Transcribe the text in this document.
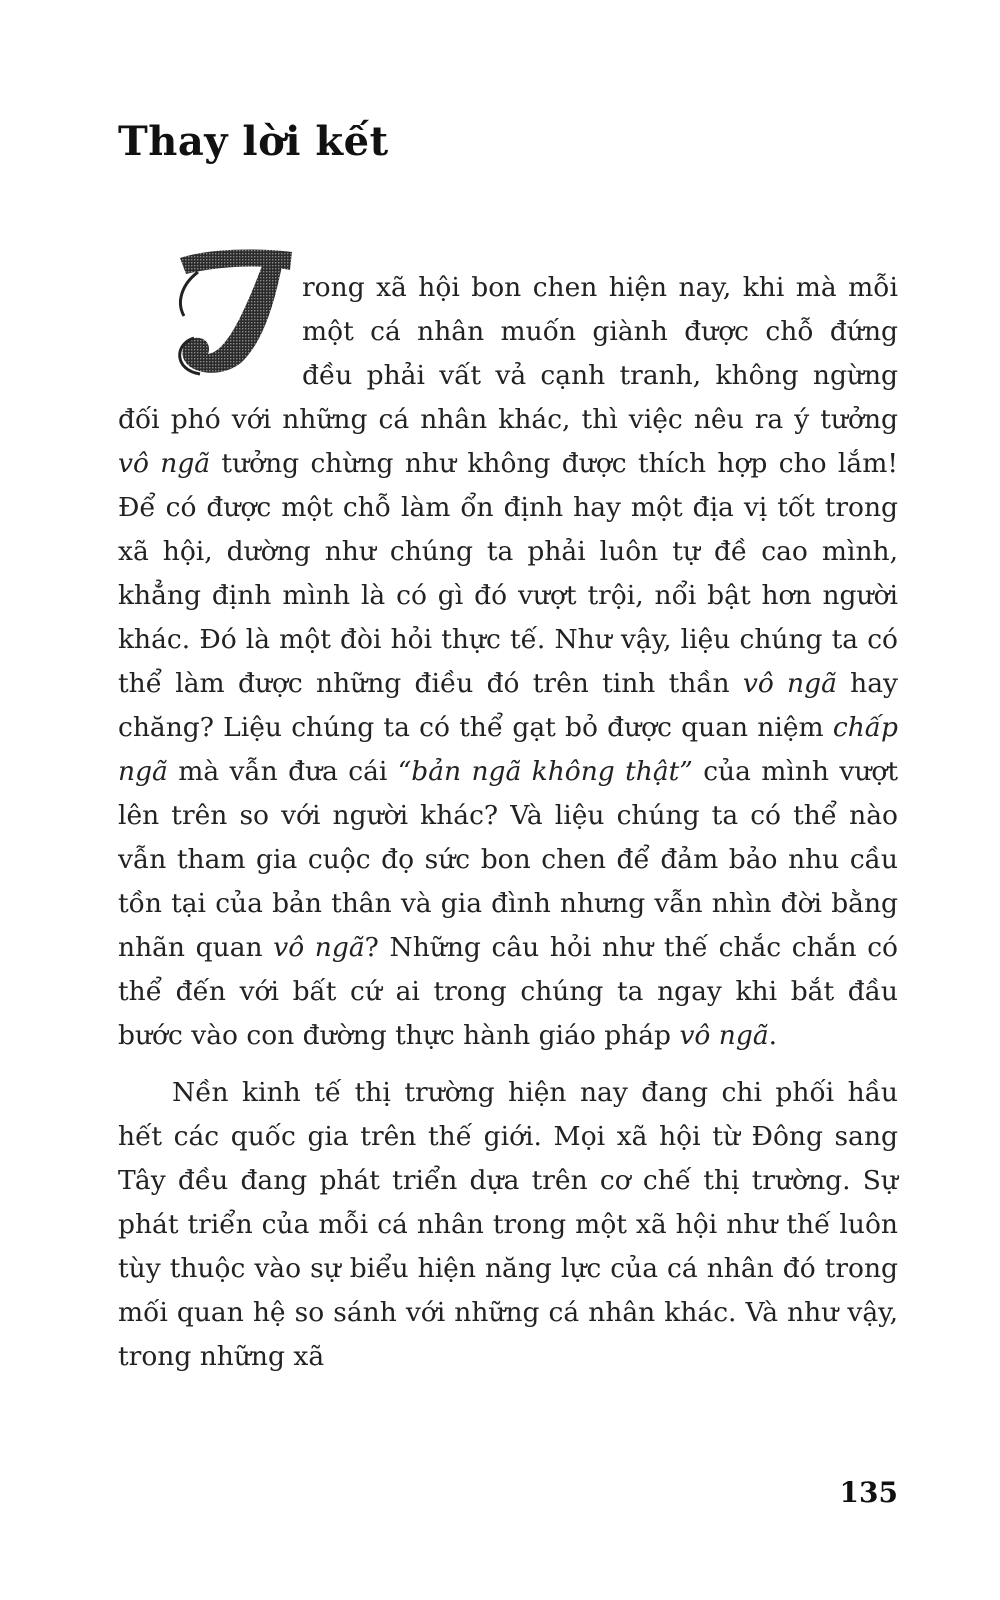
Thay lời kết

rong xã hội bon chen hiện nay, khi mà mỗi một cá nhân muốn giành được chỗ đứng đều phải vất vả cạnh tranh, không ngừng đối phó với những cá nhân khác, thì việc nêu ra ý tưởng vô ngã tưởng chừng như không được thích hợp cho lắm! Để có được một chỗ làm ổn định hay một địa vị tốt trong xã hội, dường như chúng ta phải luôn tự đề cao mình, khẳng định mình là có gì đó vượt trội, nổi bật hơn người khác. Đó là một đòi hỏi thực tế. Như vậy, liệu chúng ta có thể làm được những điều đó trên tinh thần vô ngã hay chăng? Liệu chúng ta có thể gạt bỏ được quan niệm chấp ngã mà vẫn đưa cái “bản ngã không thật” của mình vượt lên trên so với người khác? Và liệu chúng ta có thể nào vẫn tham gia cuộc đọ sức bon chen để đảm bảo nhu cầu tồn tại của bản thân và gia đình nhưng vẫn nhìn đời bằng nhãn quan vô ngã? Những câu hỏi như thế chắc chắn có thể đến với bất cứ ai trong chúng ta ngay khi bắt đầu bước vào con đường thực hành giáo pháp vô ngã.

Nền kinh tế thị trường hiện nay đang chi phối hầu hết các quốc gia trên thế giới. Mọi xã hội từ Đông sang Tây đều đang phát triển dựa trên cơ chế thị trường. Sự phát triển của mỗi cá nhân trong một xã hội như thế luôn tùy thuộc vào sự biểu hiện năng lực của cá nhân đó trong mối quan hệ so sánh với những cá nhân khác. Và như vậy, trong những xã

135
